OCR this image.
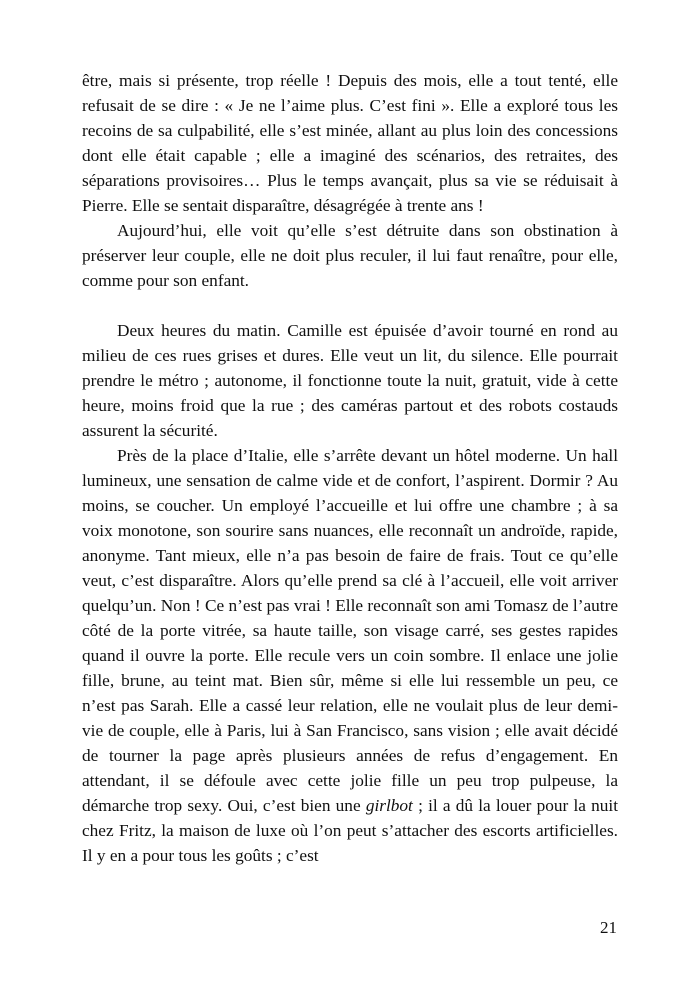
être, mais si présente, trop réelle ! Depuis des mois, elle a tout tenté, elle refusait de se dire : « Je ne l’aime plus. C’est fini ». Elle a exploré tous les recoins de sa culpabilité, elle s’est minée, allant au plus loin des concessions dont elle était capable ; elle a imaginé des scénarios, des retraites, des séparations provisoires… Plus le temps avançait, plus sa vie se réduisait à Pierre. Elle se sentait disparaître, désagrégée à trente ans !

Aujourd’hui, elle voit qu’elle s’est détruite dans son obstination à préserver leur couple, elle ne doit plus reculer, il lui faut renaître, pour elle, comme pour son enfant.

Deux heures du matin. Camille est épuisée d’avoir tourné en rond au milieu de ces rues grises et dures. Elle veut un lit, du silence. Elle pourrait prendre le métro ; autonome, il fonctionne toute la nuit, gratuit, vide à cette heure, moins froid que la rue ; des caméras partout et des robots costauds assurent la sécurité.

Près de la place d’Italie, elle s’arrête devant un hôtel moderne. Un hall lumineux, une sensation de calme vide et de confort, l’aspirent. Dormir ? Au moins, se coucher. Un employé l’accueille et lui offre une chambre ; à sa voix monotone, son sourire sans nuances, elle reconnaît un androïde, rapide, anonyme. Tant mieux, elle n’a pas besoin de faire de frais. Tout ce qu’elle veut, c’est disparaître. Alors qu’elle prend sa clé à l’accueil, elle voit arriver quelqu’un. Non ! Ce n’est pas vrai ! Elle reconnaît son ami Tomasz de l’autre côté de la porte vitrée, sa haute taille, son visage carré, ses gestes rapides quand il ouvre la porte. Elle recule vers un coin sombre. Il enlace une jolie fille, brune, au teint mat. Bien sûr, même si elle lui ressemble un peu, ce n’est pas Sarah. Elle a cassé leur relation, elle ne voulait plus de leur demi-vie de couple, elle à Paris, lui à San Francisco, sans vision ; elle avait décidé de tourner la page après plusieurs années de refus d’engagement. En attendant, il se défoule avec cette jolie fille un peu trop pulpeuse, la démarche trop sexy. Oui, c’est bien une girlbot ; il a dû la louer pour la nuit chez Fritz, la maison de luxe où l’on peut s’attacher des escorts artificielles. Il y en a pour tous les goûts ; c’est

21
